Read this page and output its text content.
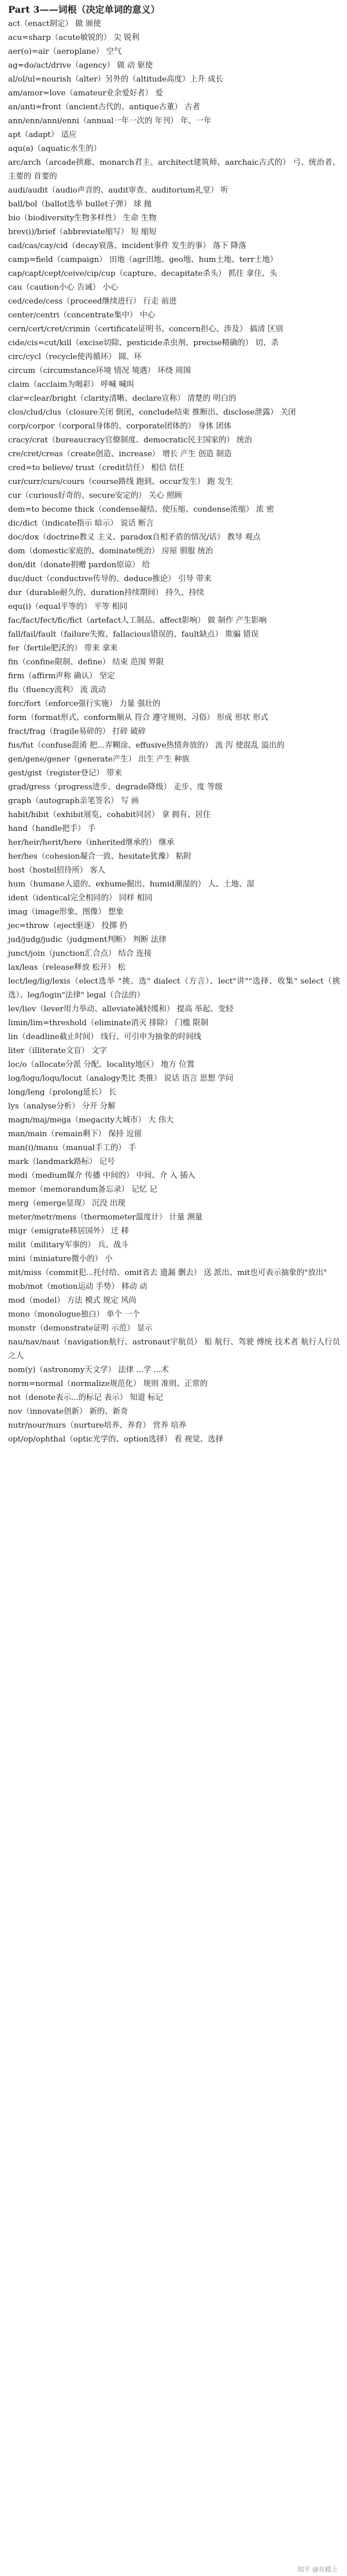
Part 3——词根（决定单词的意义）

act（enact制定） 做 颁使

acu=sharp（acute敏锐的） 尖 锐利

aer(o)=air（aeroplane） 空气

ag=do/act/drive（agency） 做 动 驱使

al/ol/ul=nourish（alter）另外的（altitude高度）上升 成长

am/amor=love（amateur业余爱好者） 爱

an/anti=front（ancient古代的、antique古董） 古者

ann/enn/anni/enni（annual一年一次的 年刊） 年、一年

apt（adapt） 适应

aqu(a)（aquatic水生的）

arc/arch（arcade拱廊、monarch君主、architect建筑师、aarchaic古式的） 弓、统治者、主要的 首要的

audi/audit（audio声音的、audit审查、auditorium礼堂） 听

ball/bol（ballot选举 bullet子弹） 球 抛

bio（biodiversity生物多样性） 生命 生物

brev(i)/brief（abbreviate缩写） 短 缩短

cad/cas/cay/cid（decay衰落、incident事件 发生的事） 落下 降落

camp=field（campaign） 田地（agr田地、geo地、hum土地、terr土地）

cap/capt/cept/ceive/cip/cup（capture、decapitate杀头） 抓住 拿住、头

cau（caution小心 告诫） 小心

ced/cede/cess（proceed继续进行） 行走 前进

center/centri（concentrate集中） 中心

cern/cert/cret/crimin（certificate证明书、concern担心、涉及） 搞清 区别

cide/cis=cut/kill（excise切除、pesticide杀虫剂、precise精确的） 切、杀

circ/cycl（recycle使再循环） 圆、环

circum（circumstance环境 情况 境遇） 环绕 周围

claim（acclaim为喝彩） 呼喊 喊叫

clar=clear/bright（clarity清晰、declare宣称） 清楚的 明白的

clos/clud/clus（closure关闭 倒闭、conclude结束 推断出、disclose泄露） 关闭

corp/corpor（corporal身体的、corporate团体的） 身体 团体

cracy/crat（bureaucracy官僚制度、democratic民主国家的） 统治

cre/cret/creas（create创造、increase） 增长 产生 创造 制造

cred=to believe/ trust（credit信任） 相信 信任

cur/curr/curs/cours（course路线 跑到、occur发生） 跑 发生

cur（curious好奇的、secure安定的） 关心 照顾

dem=to become thick（condense凝结、使压缩、condense浓缩） 浓 密

dic/dict（indicate指示 暗示） 说话 断言

doc/dox（doctrine教义 主义、paradox自相矛盾的情况/话） 教导 观点

dom（domestic家庭的、dominate统治） 房屋 驯服 统治

don/dit（donate捐赠 pardon原谅） 给

duc/duct（conductive传导的、deduce推论） 引导 带来

dur（durable耐久的、duration持续期间） 持久、持续

equ(i)（equal平等的） 平等 相同

fac/fact/fect/fic/fict（artefact人工制品、affect影响） 做 制作 产生影响

fall/fail/fault（failure失败、fallacious错误的、fault缺点） 欺骗 错误

fer（fertile肥沃的） 带来 拿来

fin（confine限制、define） 结束 范围 界限

firm（affirm声称 确认） 坚定

flu（fluency流利） 流 流动

forc/fort（enforce强行实施） 力量 强壮的

form（format形式、conform顺从 符合 遵守规则、习俗） 形成 形状 形式

fract/frag（fragile易碎的） 打碎 破碎

fus/fut（confuse混淆 把...弄糊涂、effusive热情奔放的） 流 泻 使混乱 溢出的

gen/gene/gener（generate产生） 出生 产生 种族

gest/gist（register登记） 带来

grad/gress（progress进步、degrade降级） 走步、度 等级

graph（autograph亲笔签名） 写 画

habit/hibit（exhibit展览、cohabit同居） 拿 拥有、居住

hand（handle把手） 手

her/heir/herit/here（inherited继承的） 继承

her/hes（cohesion凝合一致、hesitate犹豫） 粘附

host（hostel招待所） 客人

hum（humane人道的、exhume掘出、humid潮湿的） 人、土地、湿

ident（identical完全相同的） 同样 相同

imag（image形象、图像） 想象

jec=throw（eject驱逐） 投掷 扔

jud/judg/judic（judgment判断） 判断 法律

junct/join（junction汇合点） 结合 连接

lax/leas（release释放 松开） 松

lect/leg/lig/lexis（elect选举 "挑、选" dialect（方言）、lect"讲""选择、收集" select（挑选）、leg/login"法律" legal（合法的）

lev/liev（lever用力举动、alleviate减轻缓和） 提高 举起、变轻

limin/lim=threshold（eliminate消灭 排除） 门槛 限制

lin（deadline截止时间） 线行、可引申为抽象的时间线

liter（illiterate文盲） 文字

loc/o（allocate分派 分配、locality地区） 地方 位置

log/logu/loqu/locut（analogy类比 类推） 说话 语言 思想 学问

long/leng（prolong延长） 长

lys（analyse分析） 分开 分解

magn/maj/mega（megacity大城市） 大 伟大

man/main（remain剩下） 保持 逗留

man(i)/manu（manual手工的） 手

mark（landmark路标） 记号

medi（medium媒介 传播 中间的） 中间、介 入 插入

memor（memorandum备忘录） 记忆 记

merg（emerge显现） 沉没 出现

meter/metr/mens（thermometer温度计） 计量 测量

migr（emigrate移居国外） 迁 移

milit（military军事的） 兵、战斗

mini（miniature微小的） 小

mit/miss（commit犯...托付给、omit省去 遗漏 删去） 送 派出、mit也可表示抽象的"放出"

mob/mot（motion运动 手势） 移动 动

mod（model） 方法 模式 规定 风尚

mono（monologue独白） 单个 一个

monstr（demonstrate证明 示范） 显示

nau/nav/naut（navigation航行、astronaut宇航员） 船 航行、驾驶 傅统 技术者 航行人行员之人

nom(y)（astronomy天文学） 法律 ...学 ...术

norm=normal（normalize规范化） 规则 准则、正常的

not（denote表示...的标记 表示） 知道 标记

nov（innovate创新） 新的、新奇

nutr/nour/nurs（nurture培养、养育） 营养 培养

opt/op/ophthal（optic光学的、option选择） 看 视觉、选择

知乎 @在路上
